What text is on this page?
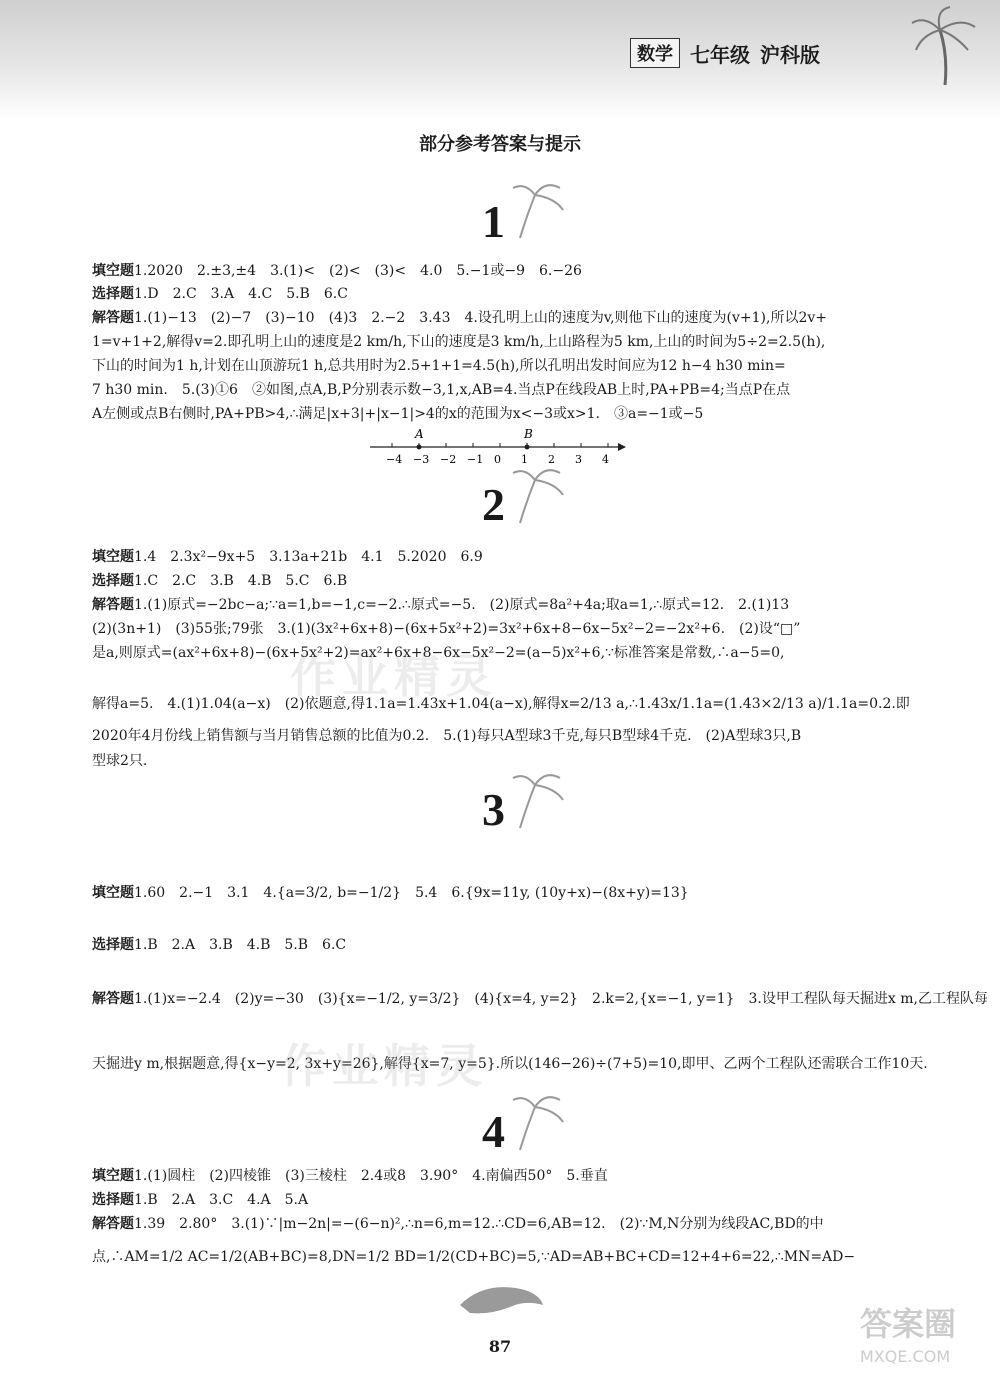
数学 七年级 沪科版
部分参考答案与提示
1
填空题1.2020　2.±3,±4　3.(1)<　(2)<　(3)<　4.0　5.−1或−9　6.−26
选择题1.D　2.C　3.A　4.C　5.B　6.C
解答题1.(1)−13　(2)−7　(3)−10　(4)3　2.−2　3.43　4.设孔明上山的速度为v,则他下山的速度为(v+1),所以2v+
1=v+1+2,解得v=2.即孔明上山的速度是2 km/h,下山的速度是3 km/h,上山路程为5 km,上山的时间为5÷2=2.5(h),
下山的时间为1 h,计划在山顶游玩1 h,总共用时为2.5+1+1=4.5(h),所以孔明出发时间应为12 h−4 h30 min=
7 h30 min.　5.(3)①6　②如图,点A,B,P分别表示数−3,1,x,AB=4.当点P在线段AB上时,PA+PB=4;当点P在点
A左侧或点B右侧时,PA+PB>4,∴满足|x+3|+|x−1|>4的x的范围为x<−3或x>1.　③a=−1或−5
−4 −3 −2 −1 0 1 2 3 4
A	B
2
填空题1.4　2.3x²−9x+5　3.13a+21b　4.1　5.2020　6.9
选择题1.C　2.C　3.B　4.B　5.C　6.B
解答题1.(1)原式=−2bc−a;∵a=1,b=−1,c=−2.∴原式=−5.　(2)原式=8a²+4a;取a=1,∴原式=12.　2.(1)13
(2)(3n+1)　(3)55张;79张　3.(1)(3x²+6x+8)−(6x+5x²+2)=3x²+6x+8−6x−5x²−2=−2x²+6.　(2)设“□”
是a,则原式=(ax²+6x+8)−(6x+5x²+2)=ax²+6x+8−6x−5x²−2=(a−5)x²+6,∵标准答案是常数,∴a−5=0,
解得a=5.　4.(1)1.04(a−x)　(2)依题意,得1.1a=1.43x+1.04(a−x),解得x=2/13 a,∴1.43x/1.1a=(1.43×2/13 a)/1.1a=0.2.即
2020年4月份线上销售额与当月销售总额的比值为0.2.　5.(1)每只A型球3千克,每只B型球4千克.　(2)A型球3只,B
型球2只.
3
填空题1.60　2.−1　3.1　4.{a=3/2, b=−1/2}　5.4　6.{9x=11y, (10y+x)−(8x+y)=13}
选择题1.B　2.A　3.B　4.B　5.B　6.C
解答题1.(1)x=−2.4　(2)y=−30　(3){x=−1/2, y=3/2}　(4){x=4, y=2}　2.k=2,{x=−1, y=1}　3.设甲工程队每天掘进x m,乙工程队每
天掘进y m,根据题意,得{x−y=2, 3x+y=26},解得{x=7, y=5}.所以(146−26)÷(7+5)=10,即甲、乙两个工程队还需联合工作10天.
4
填空题1.(1)圆柱　(2)四棱锥　(3)三棱柱　2.4或8　3.90°　4.南偏西50°　5.垂直
选择题1.B　2.A　3.C　4.A　5.A
解答题1.39　2.80°　3.(1)∵|m−2n|=−(6−n)²,∴n=6,m=12.∴CD=6,AB=12.　(2)∵M,N分别为线段AC,BD的中
点,∴AM=1/2 AC=1/2(AB+BC)=8,DN=1/2 BD=1/2(CD+BC)=5,∵AD=AB+BC+CD=12+4+6=22,∴MN=AD−
作业精灵
作业精灵
87
答案圈
MXQE.COM
